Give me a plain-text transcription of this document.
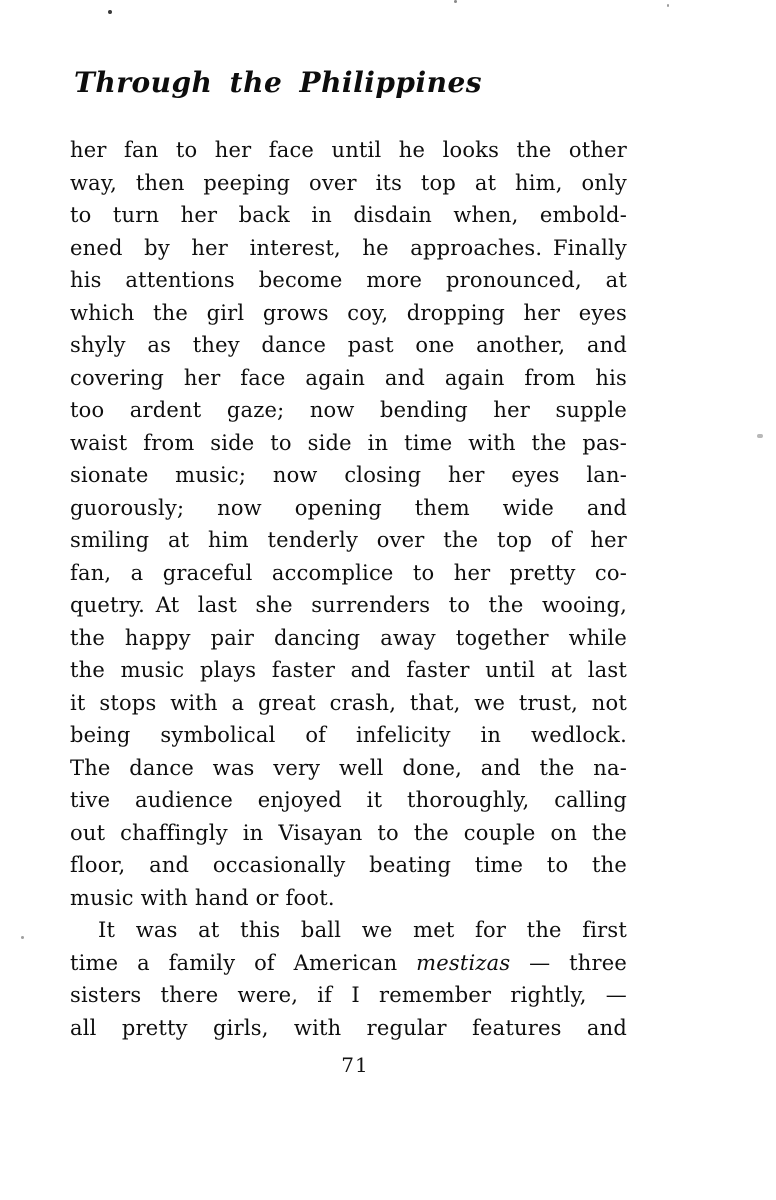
Through the Philippines
her fan to her face until he looks the other
way, then peeping over its top at him, only
to turn her back in disdain when, embold-
ened by her interest, he approaches. Finally
his attentions become more pronounced, at
which the girl grows coy, dropping her eyes
shyly as they dance past one another, and
covering her face again and again from his
too ardent gaze; now bending her supple
waist from side to side in time with the pas-
sionate music; now closing her eyes lan-
guorously; now opening them wide and
smiling at him tenderly over the top of her
fan, a graceful accomplice to her pretty co-
quetry. At last she surrenders to the wooing,
the happy pair dancing away together while
the music plays faster and faster until at last
it stops with a great crash, that, we trust, not
being symbolical of infelicity in wedlock.
The dance was very well done, and the na-
tive audience enjoyed it thoroughly, calling
out chaffingly in Visayan to the couple on the
floor, and occasionally beating time to the
music with hand or foot.
It was at this ball we met for the first
time a family of American mestizas — three
sisters there were, if I remember rightly, —
all pretty girls, with regular features and
71
